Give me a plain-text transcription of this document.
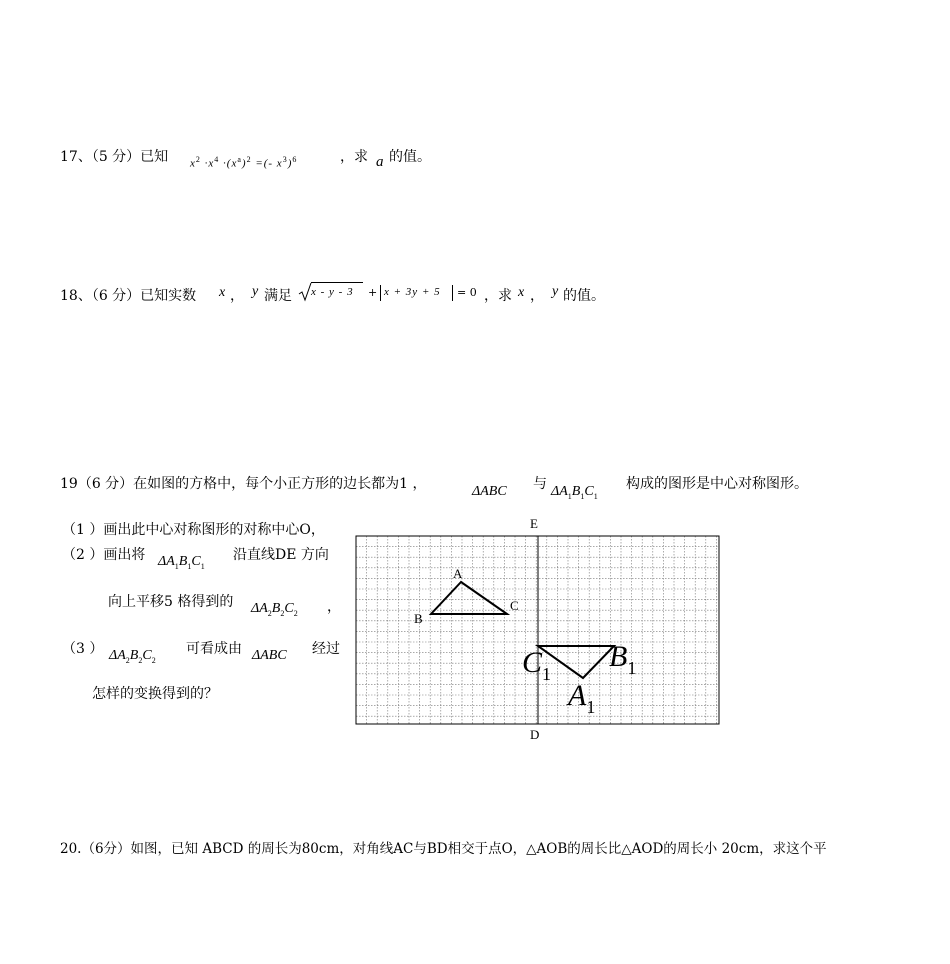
17、（5 分）已知 $x^2 \cdot x^4 \cdot(x^a)^2$ =(- $x^3)^6$	，求 a 的值。
18、（6 分）已知实数 x ， y 满足 x - y - 3 + x + 3y + 5 = 0 ，求 x ， y 的值。
19（6 分）在如图的方格中，每个小正方形的边长都为1 ，	ΔABC 与 $\Delta A_1B_1C_1$
构成的图形是中心对称图形。
（1 ）画出此中心对称图形的对称中心O，
（2 ）画出将 $\Delta A_1B_1C_1$
沿直线DE 方向
向上平移5 格得到的 $\Delta A_2B_2C_2$ ，
（3 ） $\Delta A_2B_2C_2$
可看成由 ΔABC 经过
怎样的变换得到的？
E
D
A
B
C
$C_1$
$B_1$
$A_1$
20.（6分）如图，已知 ABCD 的周长为80cm，对角线AC与BD相交于点O，△AOB的周长比△AOD的周长小 20cm，求这个平
